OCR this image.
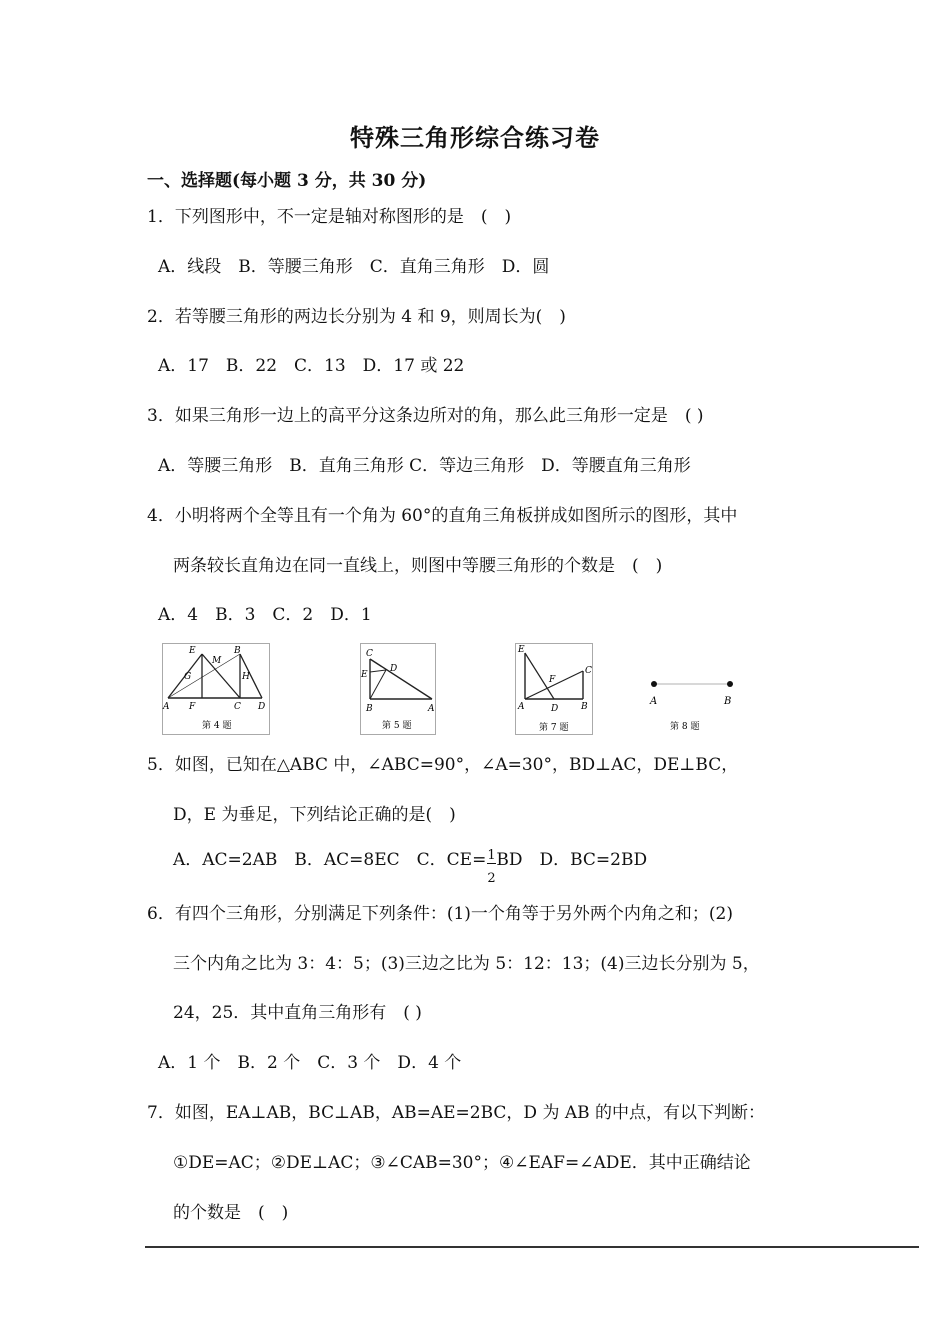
特殊三角形综合练习卷
一、选择题(每小题 3 分，共 30 分)
1．下列图形中，不一定是轴对称图形的是　(　)
A．线段　B．等腰三角形　C．直角三角形　D．圆
2．若等腰三角形的两边长分别为 4 和 9，则周长为(　)
A．17　B．22　C．13　D．17 或 22
3．如果三角形一边上的高平分这条边所对的角，那么此三角形一定是　( )
A．等腰三角形　B．直角三角形 C．等边三角形　D．等腰直角三角形
4．小明将两个全等且有一个角为 60°的直角三角板拼成如图所示的图形，其中
两条较长直角边在同一直线上，则图中等腰三角形的个数是　(　)
A．4　B．3　C．2　D．1
E
M
B
G	H
A F	C D
第 4 题
C
D
E
B	A
第 5 题
E
C
F
A	D	B
第 7 题
A	B
第 8 题
5．如图，已知在△ABC 中，∠ABC=90°，∠A=30°，BD⊥AC，DE⊥BC，
D，E 为垂足，下列结论正确的是(　)
A．AC=2AB　B．AC=8EC　C．$CE= \frac{1}{2}$ BD　D．BC=2BD
6．有四个三角形，分别满足下列条件：(1)一个角等于另外两个内角之和；(2)
三个内角之比为 3：4：5；(3)三边之比为 5：12：13；(4)三边长分别为 5，
24，25．其中直角三角形有　( )
A．1 个　B．2 个　C．3 个　D．4 个
7．如图，EA⊥AB，BC⊥AB，AB=AE=2BC，D 为 AB 的中点，有以下判断：
①DE=AC；②DE⊥AC；③∠CAB=30°；④∠EAF=∠ADE．其中正确结论
的个数是　(　)
